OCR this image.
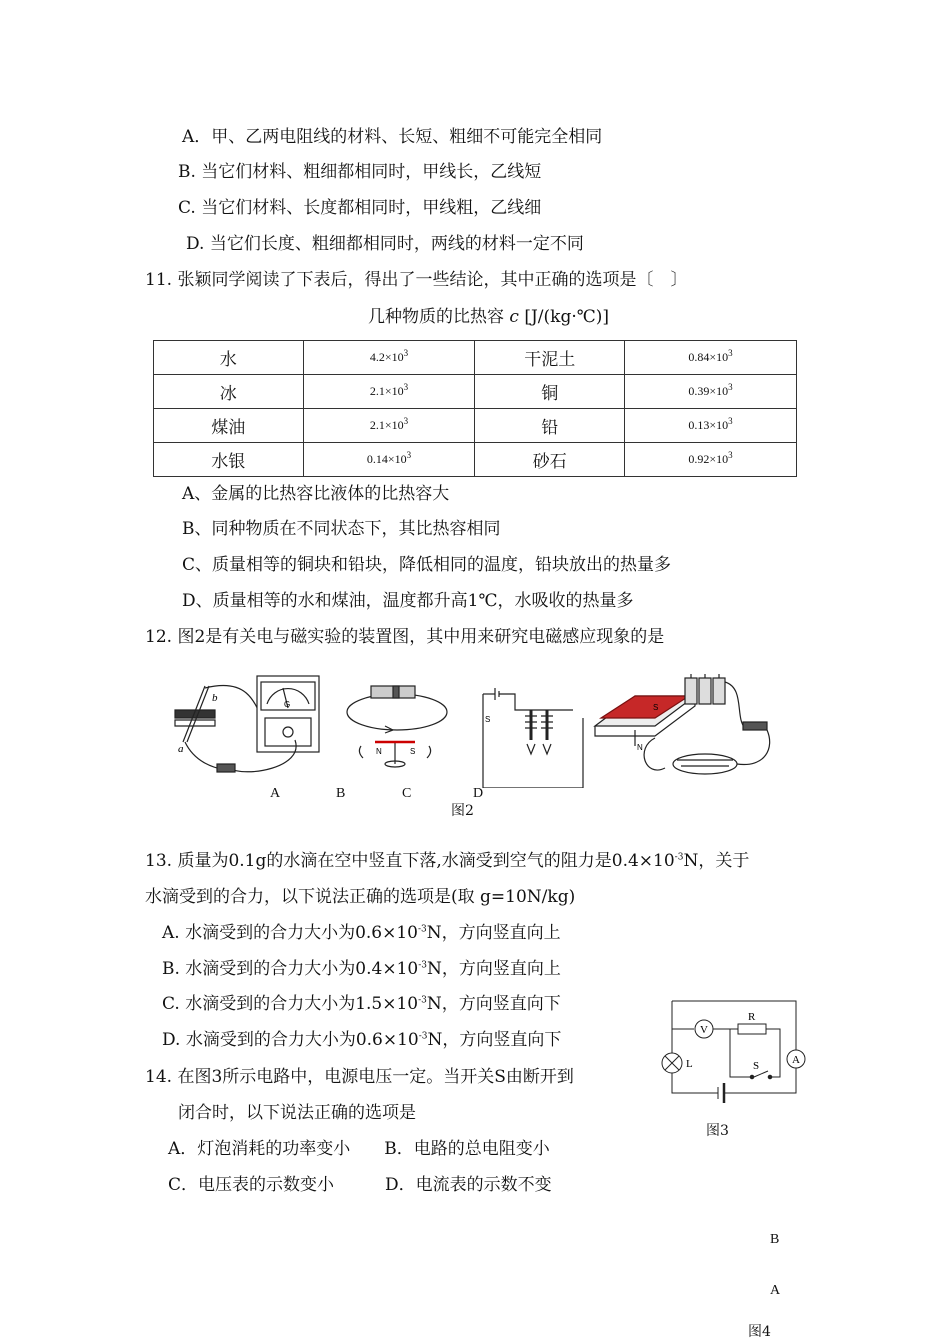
A．甲、乙两电阻线的材料、长短、粗细不可能完全相同
B. 当它们材料、粗细都相同时，甲线长，乙线短
C. 当它们材料、长度都相同时，甲线粗，乙线细
D. 当它们长度、粗细都相同时，两线的材料一定不同
11. 张颖同学阅读了下表后，得出了一些结论，其中正确的选项是〔　〕
几种物质的比热容 c [J/(kg·℃)]
水	$4.2\times 10^3$	干泥土	$0.84\times 10^3$
冰	$2.1\times 10^3$	铜	$0.39\times 10^3$
煤油	$2.1\times 10^3$	铅	$0.13\times 10^3$
水银	$0.14\times 10^3$	砂石	$0.92\times 10^3$
A、金属的比热容比液体的比热容大
B、同种物质在不同状态下，其比热容相同
C、质量相等的铜块和铅块，降低相同的温度，铅块放出的热量多
D、质量相等的水和煤油，温度都升高1℃，水吸收的热量多
12. 图2是有关电与磁实验的装置图，其中用来研究电磁感应现象的是
b
a
G
N	S
S
S
N
A	B	C	D
图2
13. 质量为0.1g的水滴在空中竖直下落,水滴受到空气的阻力是$0.4\times 10^{-3}N$，关于
水滴受到的合力，以下说法正确的选项是(取 g=10N/kg)
A. 水滴受到的合力大小为$0.6\times 10^{-3}N$，方向竖直向上
B. 水滴受到的合力大小为$0.4\times 10^{-3}N$，方向竖直向上
C. 水滴受到的合力大小为$1.5\times 10^{-3}N$，方向竖直向下
D. 水滴受到的合力大小为$0.6\times 10^{-3}N$，方向竖直向下
14. 在图3所示电路中，电源电压一定。当开关S由断开到
闭合时，以下说法正确的选项是
A．灯泡消耗的功率变小　　B．电路的总电阻变小
C．电压表的示数变小　　　D．电流表的示数不变
V
R
A
L	S
图3
B
A
图4
